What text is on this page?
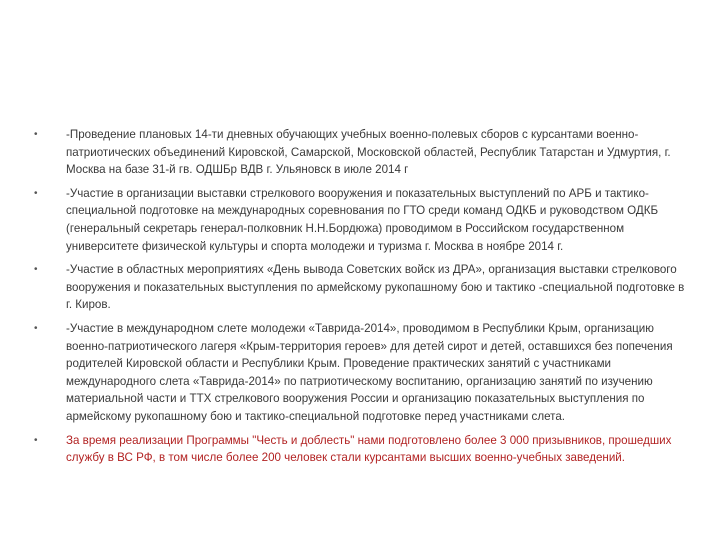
• -Проведение плановых 14-ти дневных обучающих учебных военно-полевых сборов с курсантами военно-патриотических объединений Кировской, Самарской, Московской областей, Республик Татарстан и Удмуртия, г. Москва на базе 31-й гв. ОДШБр ВДВ г. Ульяновск в июле 2014 г
• -Участие в организации выставки стрелкового вооружения и показательных выступлений по АРБ и тактико-специальной подготовке на международных соревнования по ГТО среди команд ОДКБ и руководством ОДКБ (генеральный секретарь генерал-полковник Н.Н.Бордюжа) проводимом в Российском государственном университете физической культуры и спорта молодежи и туризма г. Москва в ноябре 2014 г.
• -Участие в областных мероприятиях «День вывода Советских войск из ДРА», организация выставки стрелкового вооружения и показательных выступления по армейскому рукопашному бою и тактико -специальной подготовке в г. Киров.
• -Участие в международном слете молодежи «Таврида-2014», проводимом в Республики Крым, организацию военно-патриотического лагеря «Крым-территория героев» для детей сирот и детей, оставшихся без попечения родителей Кировской области и Республики Крым. Проведение практических занятий с участниками международного слета «Таврида-2014» по патриотическому воспитанию, организацию занятий по изучению материальной части и ТТХ стрелкового вооружения России и организацию показательных выступления по армейскому рукопашному бою и тактико-специальной подготовке перед участниками слета.
• За время реализации Программы "Честь и доблесть" нами подготовлено более 3 000 призывников, прошедших службу в ВС РФ, в том числе более 200 человек стали курсантами высших военно-учебных заведений.
